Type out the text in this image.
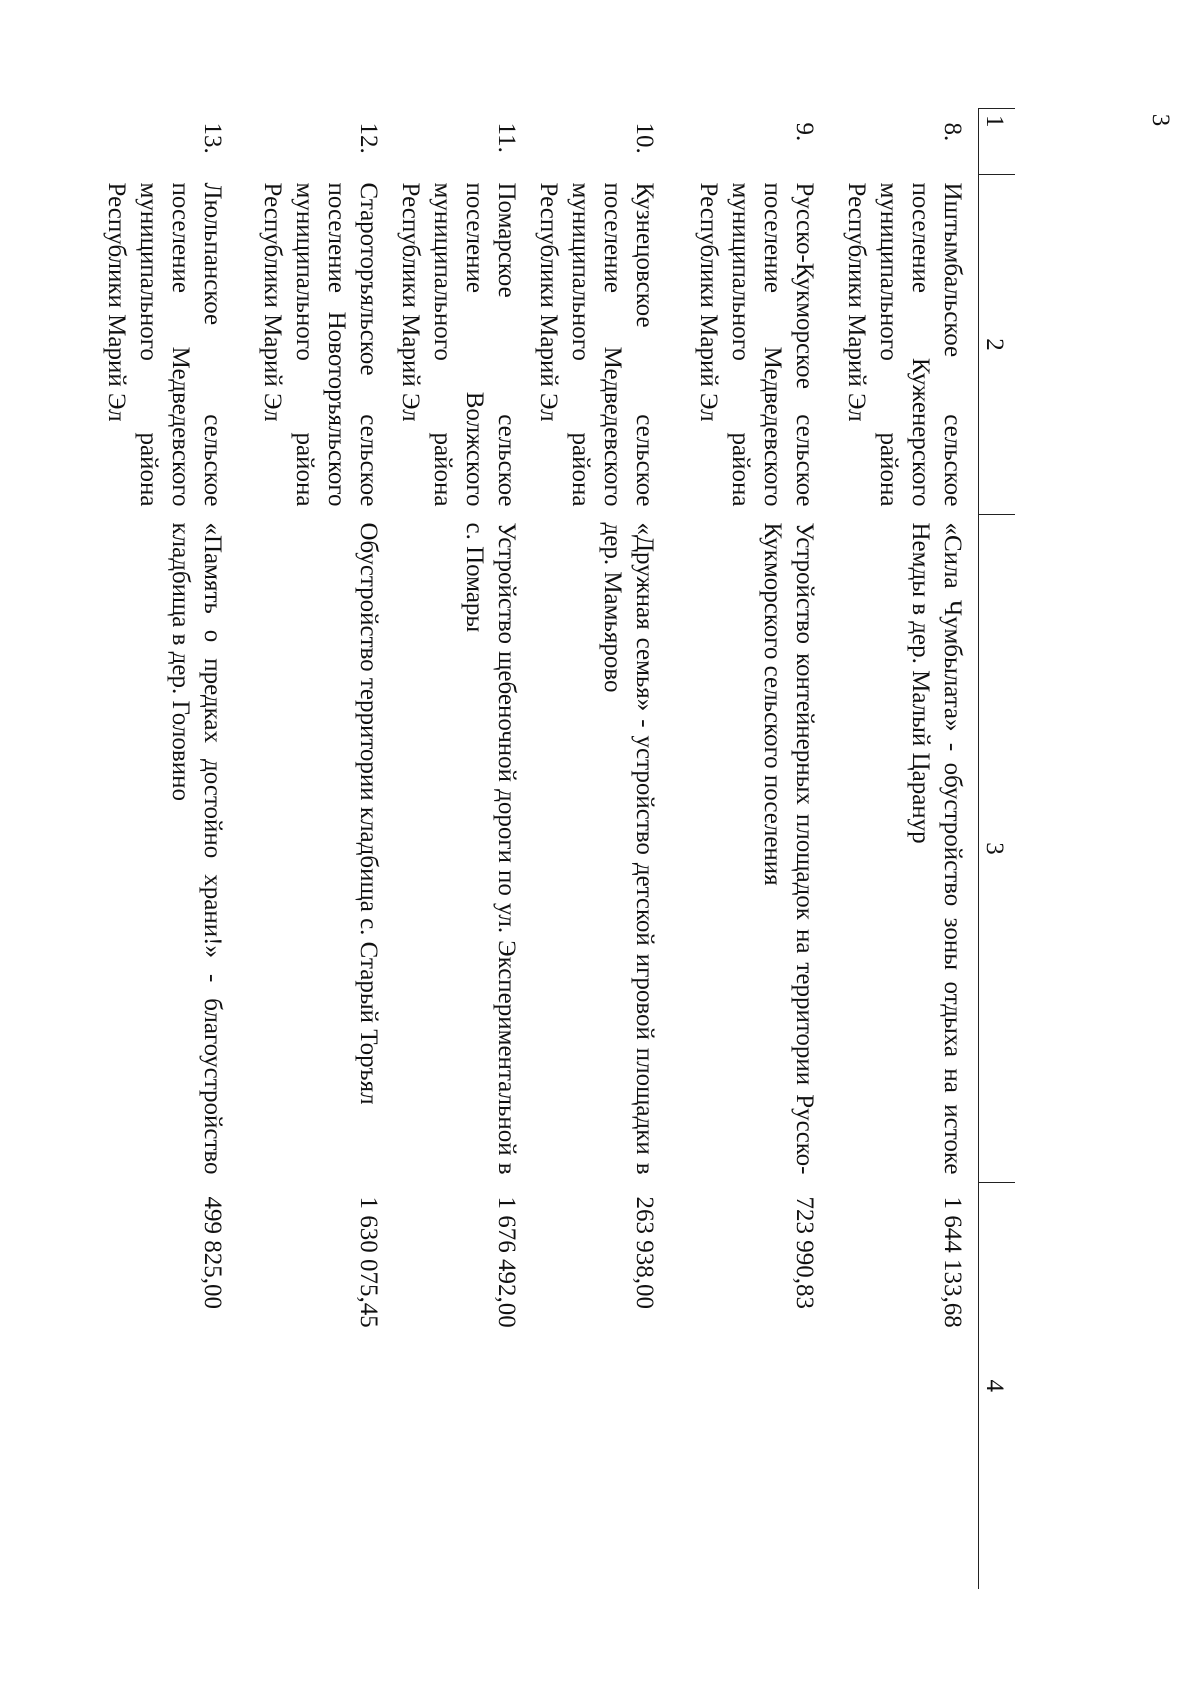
3
1	2	3	4
8.	Иштымбальское сельское поселение Куженерского муниципального района Республики Марий Эл	«Сила Чумбылата» - обустройство зоны отдыха на истоке Немды в дер. Малый Царанур	1 644 133,68
9.	Русско-Кукморское сельское поселение Медведевского муниципального района Республики Марий Эл	Устройство контейнерных площадок на территории Русско-Кукморского сельского поселения	723 990,83
10.	Кузнецовское сельское поселение Медведевского муниципального района Республики Марий Эл	«Дружная семья» - устройство детской игровой площадки в дер. Мамьярово	263 938,00
11.	Помарское сельское поселение Волжского муниципального района Республики Марий Эл	Устройство щебеночной дороги по ул. Экспериментальной в с. Помары	1 676 492,00
12.	Староторъяльское сельское поселение Новоторъяльского муниципального района Республики Марий Эл	Обустройство территории кладбища с. Старый Торъял	1 630 075,45
13.	Люльпанское сельское поселение Медведевского муниципального района Республики Марий Эл	«Память о предках достойно храни!» - благоустройство кладбища в дер. Головино	499 825,00
